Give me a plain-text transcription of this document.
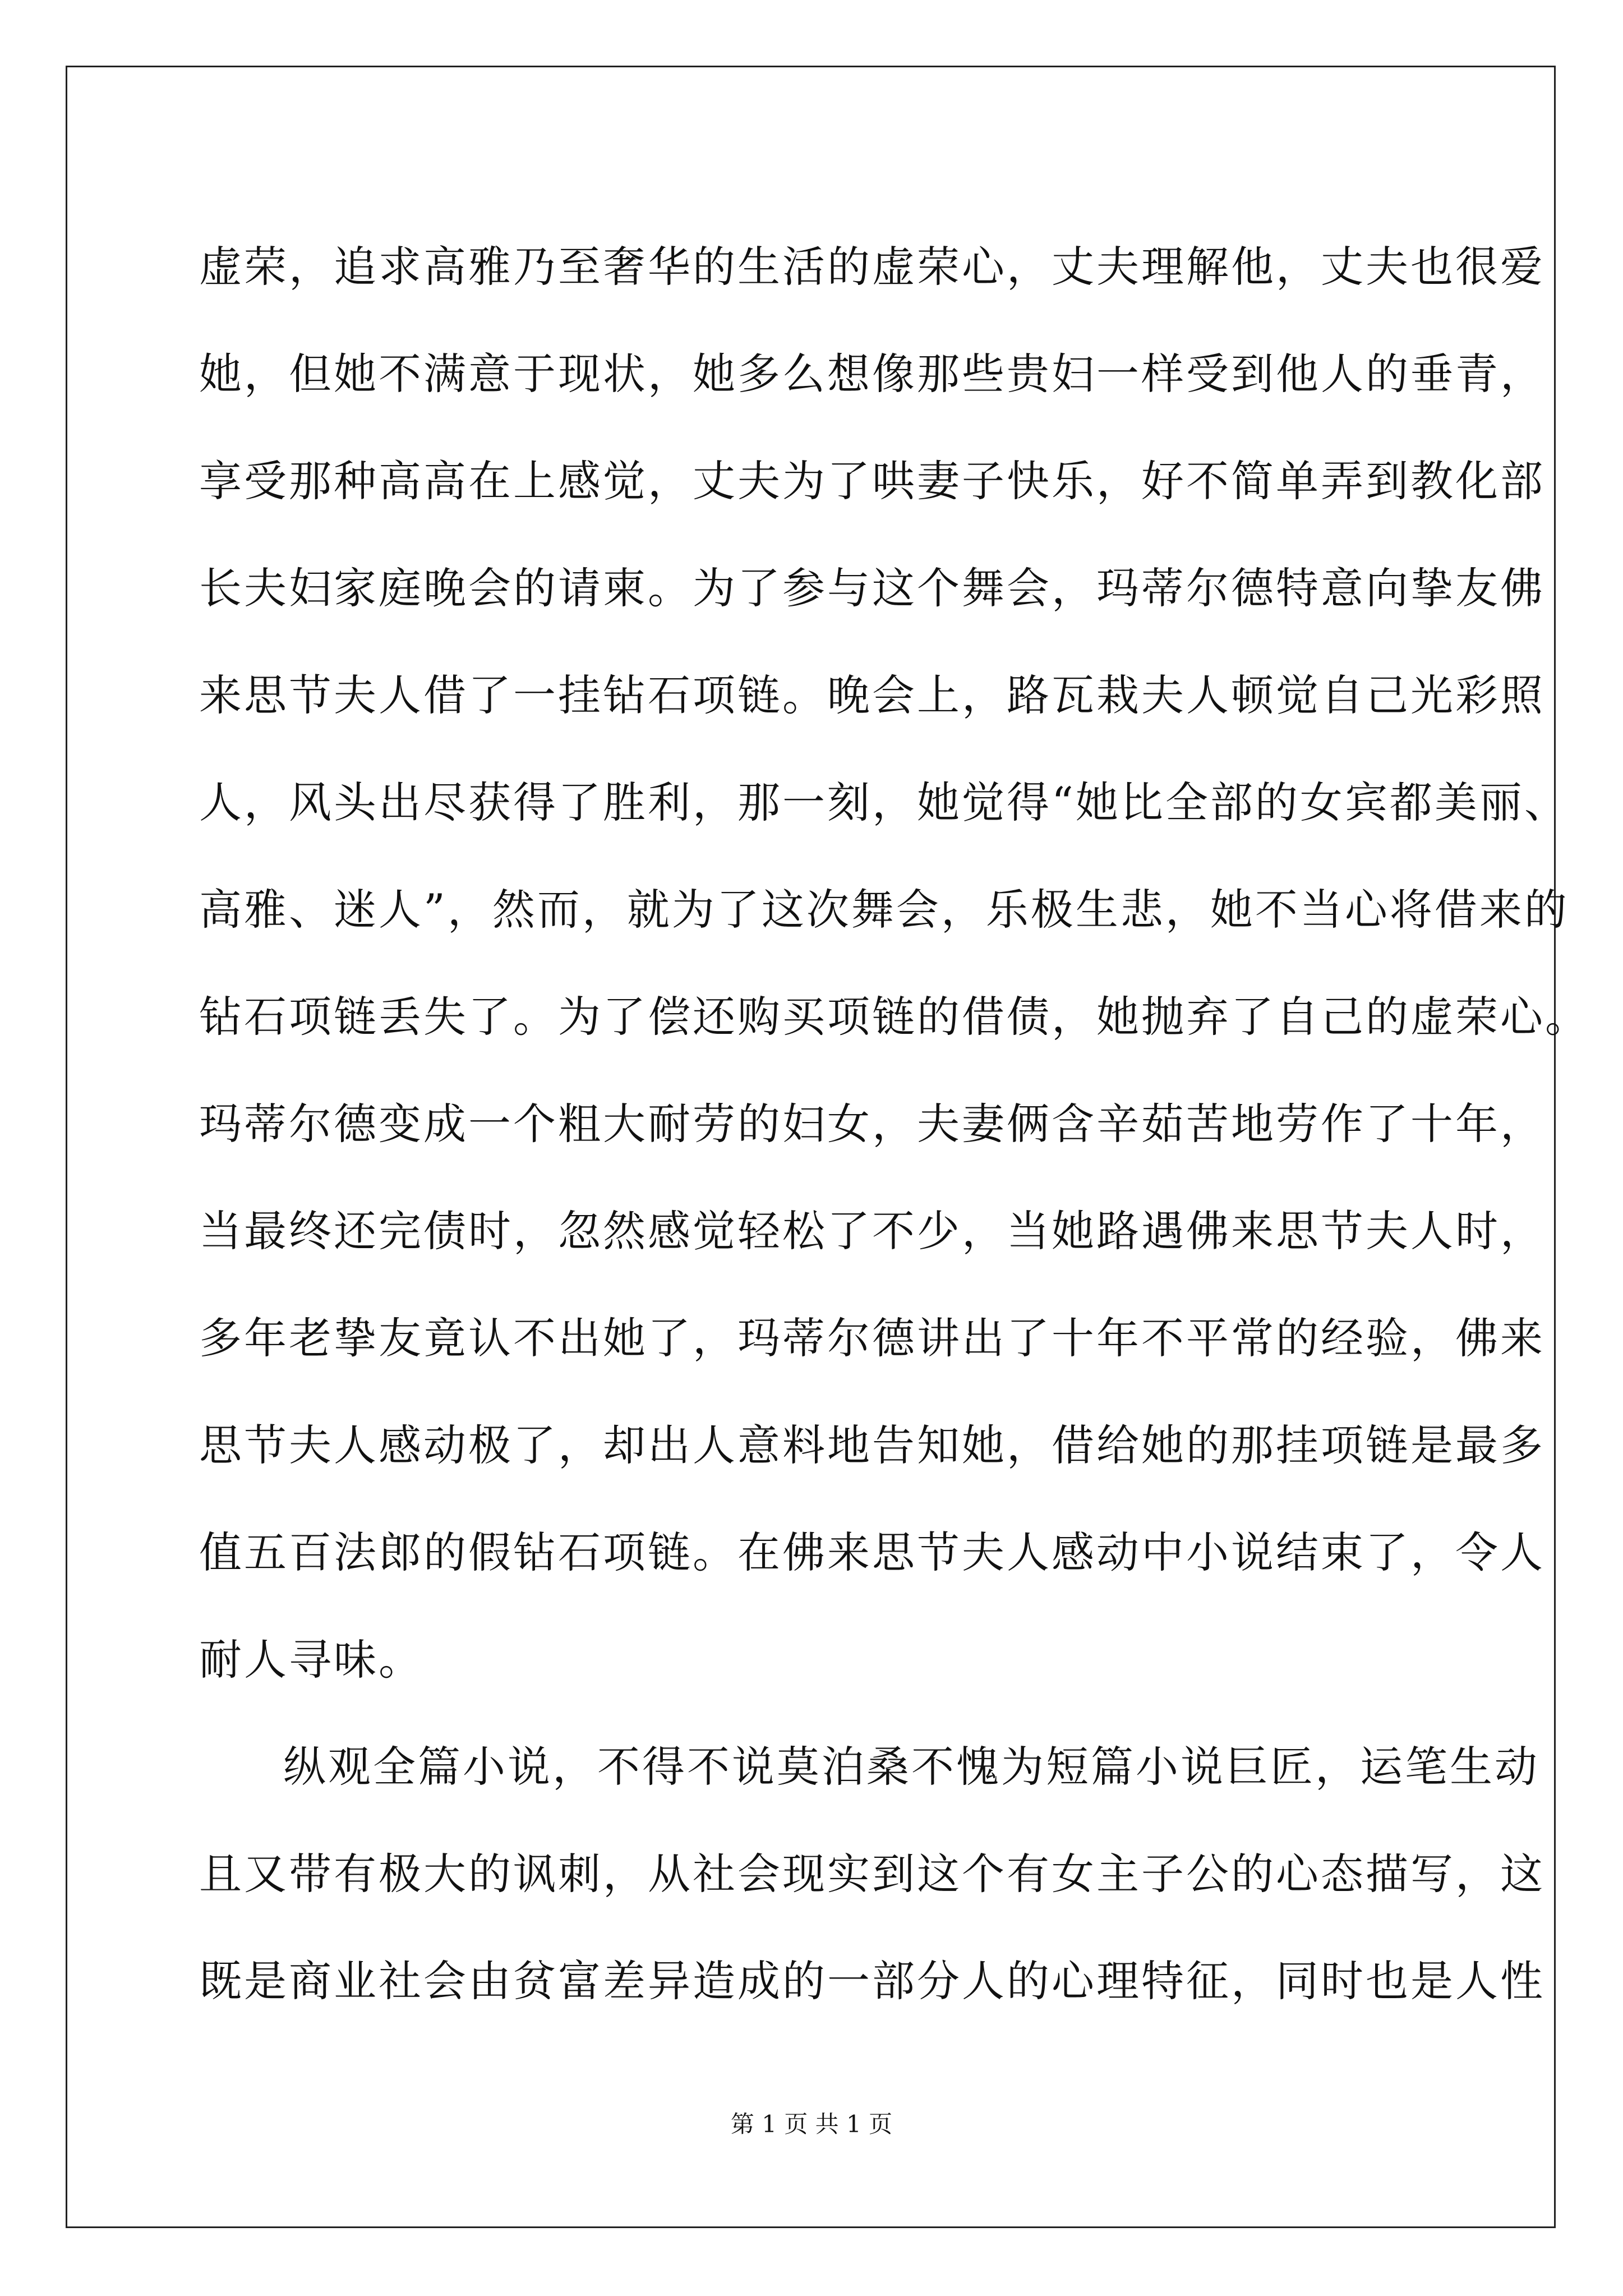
虚荣，追求高雅乃至奢华的生活的虚荣心，丈夫理解他，丈夫也很爱
她，但她不满意于现状，她多么想像那些贵妇一样受到他人的垂青，
享受那种高高在上感觉，丈夫为了哄妻子快乐，好不简单弄到教化部
长夫妇家庭晚会的请柬。为了参与这个舞会，玛蒂尔德特意向挚友佛
来思节夫人借了一挂钻石项链。晚会上，路瓦栽夫人顿觉自己光彩照
人，风头出尽获得了胜利，那一刻，她觉得“她比全部的女宾都美丽、
高雅、迷人”，然而，就为了这次舞会，乐极生悲，她不当心将借来的
钻石项链丢失了。为了偿还购买项链的借债，她抛弃了自己的虚荣心。
玛蒂尔德变成一个粗大耐劳的妇女，夫妻俩含辛茹苦地劳作了十年，
当最终还完债时，忽然感觉轻松了不少，当她路遇佛来思节夫人时，
多年老挚友竟认不出她了，玛蒂尔德讲出了十年不平常的经验，佛来
思节夫人感动极了，却出人意料地告知她，借给她的那挂项链是最多
值五百法郎的假钻石项链。在佛来思节夫人感动中小说结束了，令人
耐人寻味。
纵观全篇小说，不得不说莫泊桑不愧为短篇小说巨匠，运笔生动
且又带有极大的讽刺，从社会现实到这个有女主子公的心态描写，这
既是商业社会由贫富差异造成的一部分人的心理特征，同时也是人性
第 1 页 共 1 页
